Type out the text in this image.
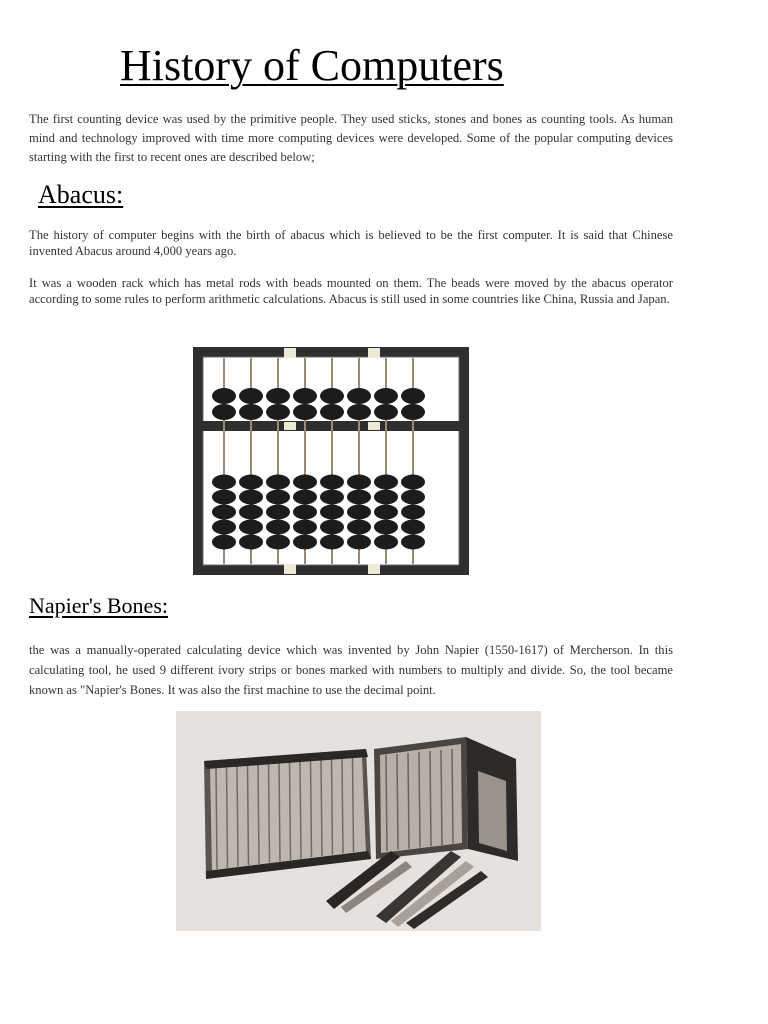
History of Computers

The first counting device was used by the primitive people. They used sticks, stones and bones as counting tools. As human mind and technology improved with time more computing devices were developed. Some of the popular computing devices starting with the first to recent ones are described below;

Abacus:

The history of computer begins with the birth of abacus which is believed to be the first computer. It is said that Chinese invented Abacus around 4,000 years ago.

It was a wooden rack which has metal rods with beads mounted on them. The beads were moved by the abacus operator according to some rules to perform arithmetic calculations. Abacus is still used in some countries like China, Russia and Japan.

Napier's Bones:

the was a manually-operated calculating device which was invented by John Napier (1550-1617) of Mercherson. In this calculating tool, he used 9 different ivory strips or bones marked with numbers to multiply and divide. So, the tool became known as "Napier's Bones. It was also the first machine to use the decimal point.
